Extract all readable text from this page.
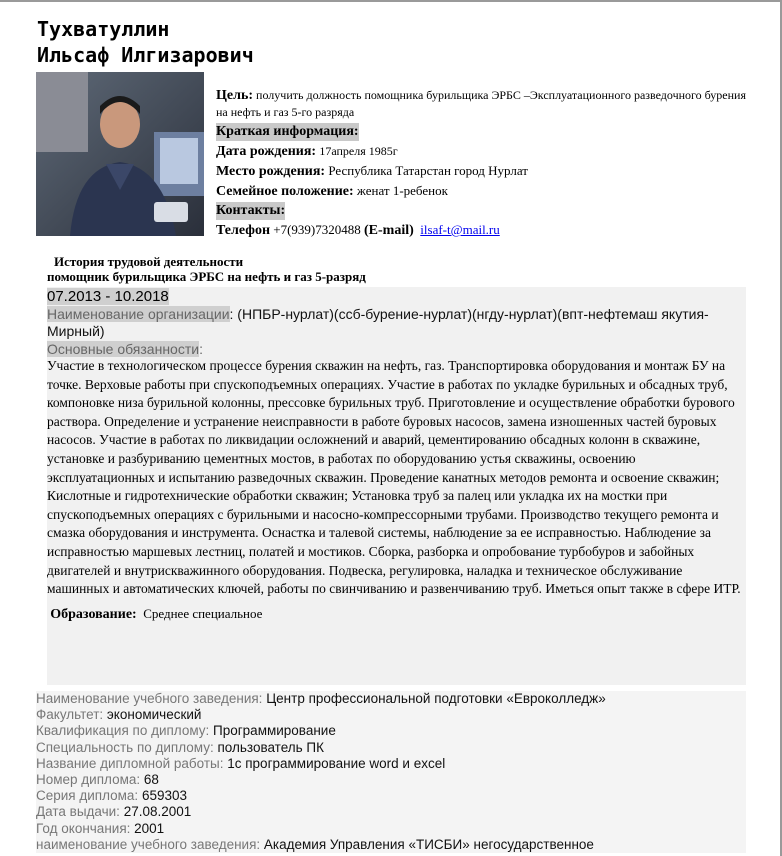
Тухватуллин
Ильсаф Илгизарович
Цель: получить должность помощника бурильщика ЭРБС –Эксплуатационного разведочного бурения на нефть и газ 5-го разряда
Краткая информация:
Дата рождения: 17апреля 1985г
Место рождения: Республика Татарстан город Нурлат
Семейное положение: женат 1-ребенок
Контакты:
Телефон +7(939)7320488 (E-mail) ilsaf-t@mail.ru
История трудовой деятельности
помощник бурильщика ЭРБС на нефть и газ 5-разряд
07.2013 - 10.2018
Наименование организации: (НПБР-нурлат)(ссб-бурение-нурлат)(нгду-нурлат)(впт-нефтемаш якутия-Мирный)
Основные обязанности:
Участие в технологическом процессе бурения скважин на нефть, газ. Транспортировка оборудования и монтаж БУ на точке. Верховые работы при спускоподъемных операциях. Участие в работах по укладке бурильных и обсадных труб, компоновке низа бурильной колонны, прессовке бурильных труб. Приготовление и осуществление обработки бурового раствора. Определение и устранение неисправности в работе буровых насосов, замена изношенных частей буровых насосов. Участие в работах по ликвидации осложнений и аварий, цементированию обсадных колонн в скважине, установке и разбуриванию цементных мостов, в работах по оборудованию устья скважины, освоению эксплуатационных и испытанию разведочных скважин. Проведение канатных методов ремонта и освоение скважин; Кислотные и гидротехнические обработки скважин; Установка труб за палец или укладка их на мостки при спускоподъемных операциях с бурильными и насосно-компрессорными трубами. Производство текущего ремонта и смазка оборудования и инструмента. Оснастка и талевой системы, наблюдение за ее исправностью. Наблюдение за исправностью маршевых лестниц, полатей и мостиков. Сборка, разборка и опробование турбобуров и забойных двигателей и внутрискважинного оборудования. Подвеска, регулировка, наладка и техническое обслуживание машинных и автоматических ключей, работы по свинчиванию и развенчиванию труб. Иметься опыт также в сфере ИТР.
Образование: Среднее специальное
Наименование учебного заведения: Центр профессиональной подготовки «Евроколледж»
Факультет: экономический
Квалификация по диплому: Программирование
Специальность по диплому: пользователь ПК
Название дипломной работы: 1с программирование word и excel
Номер диплома: 68
Серия диплома: 659303
Дата выдачи: 27.08.2001
Год окончания: 2001
наименование учебного заведения: Академия Управления «ТИСБИ» негосударственное
